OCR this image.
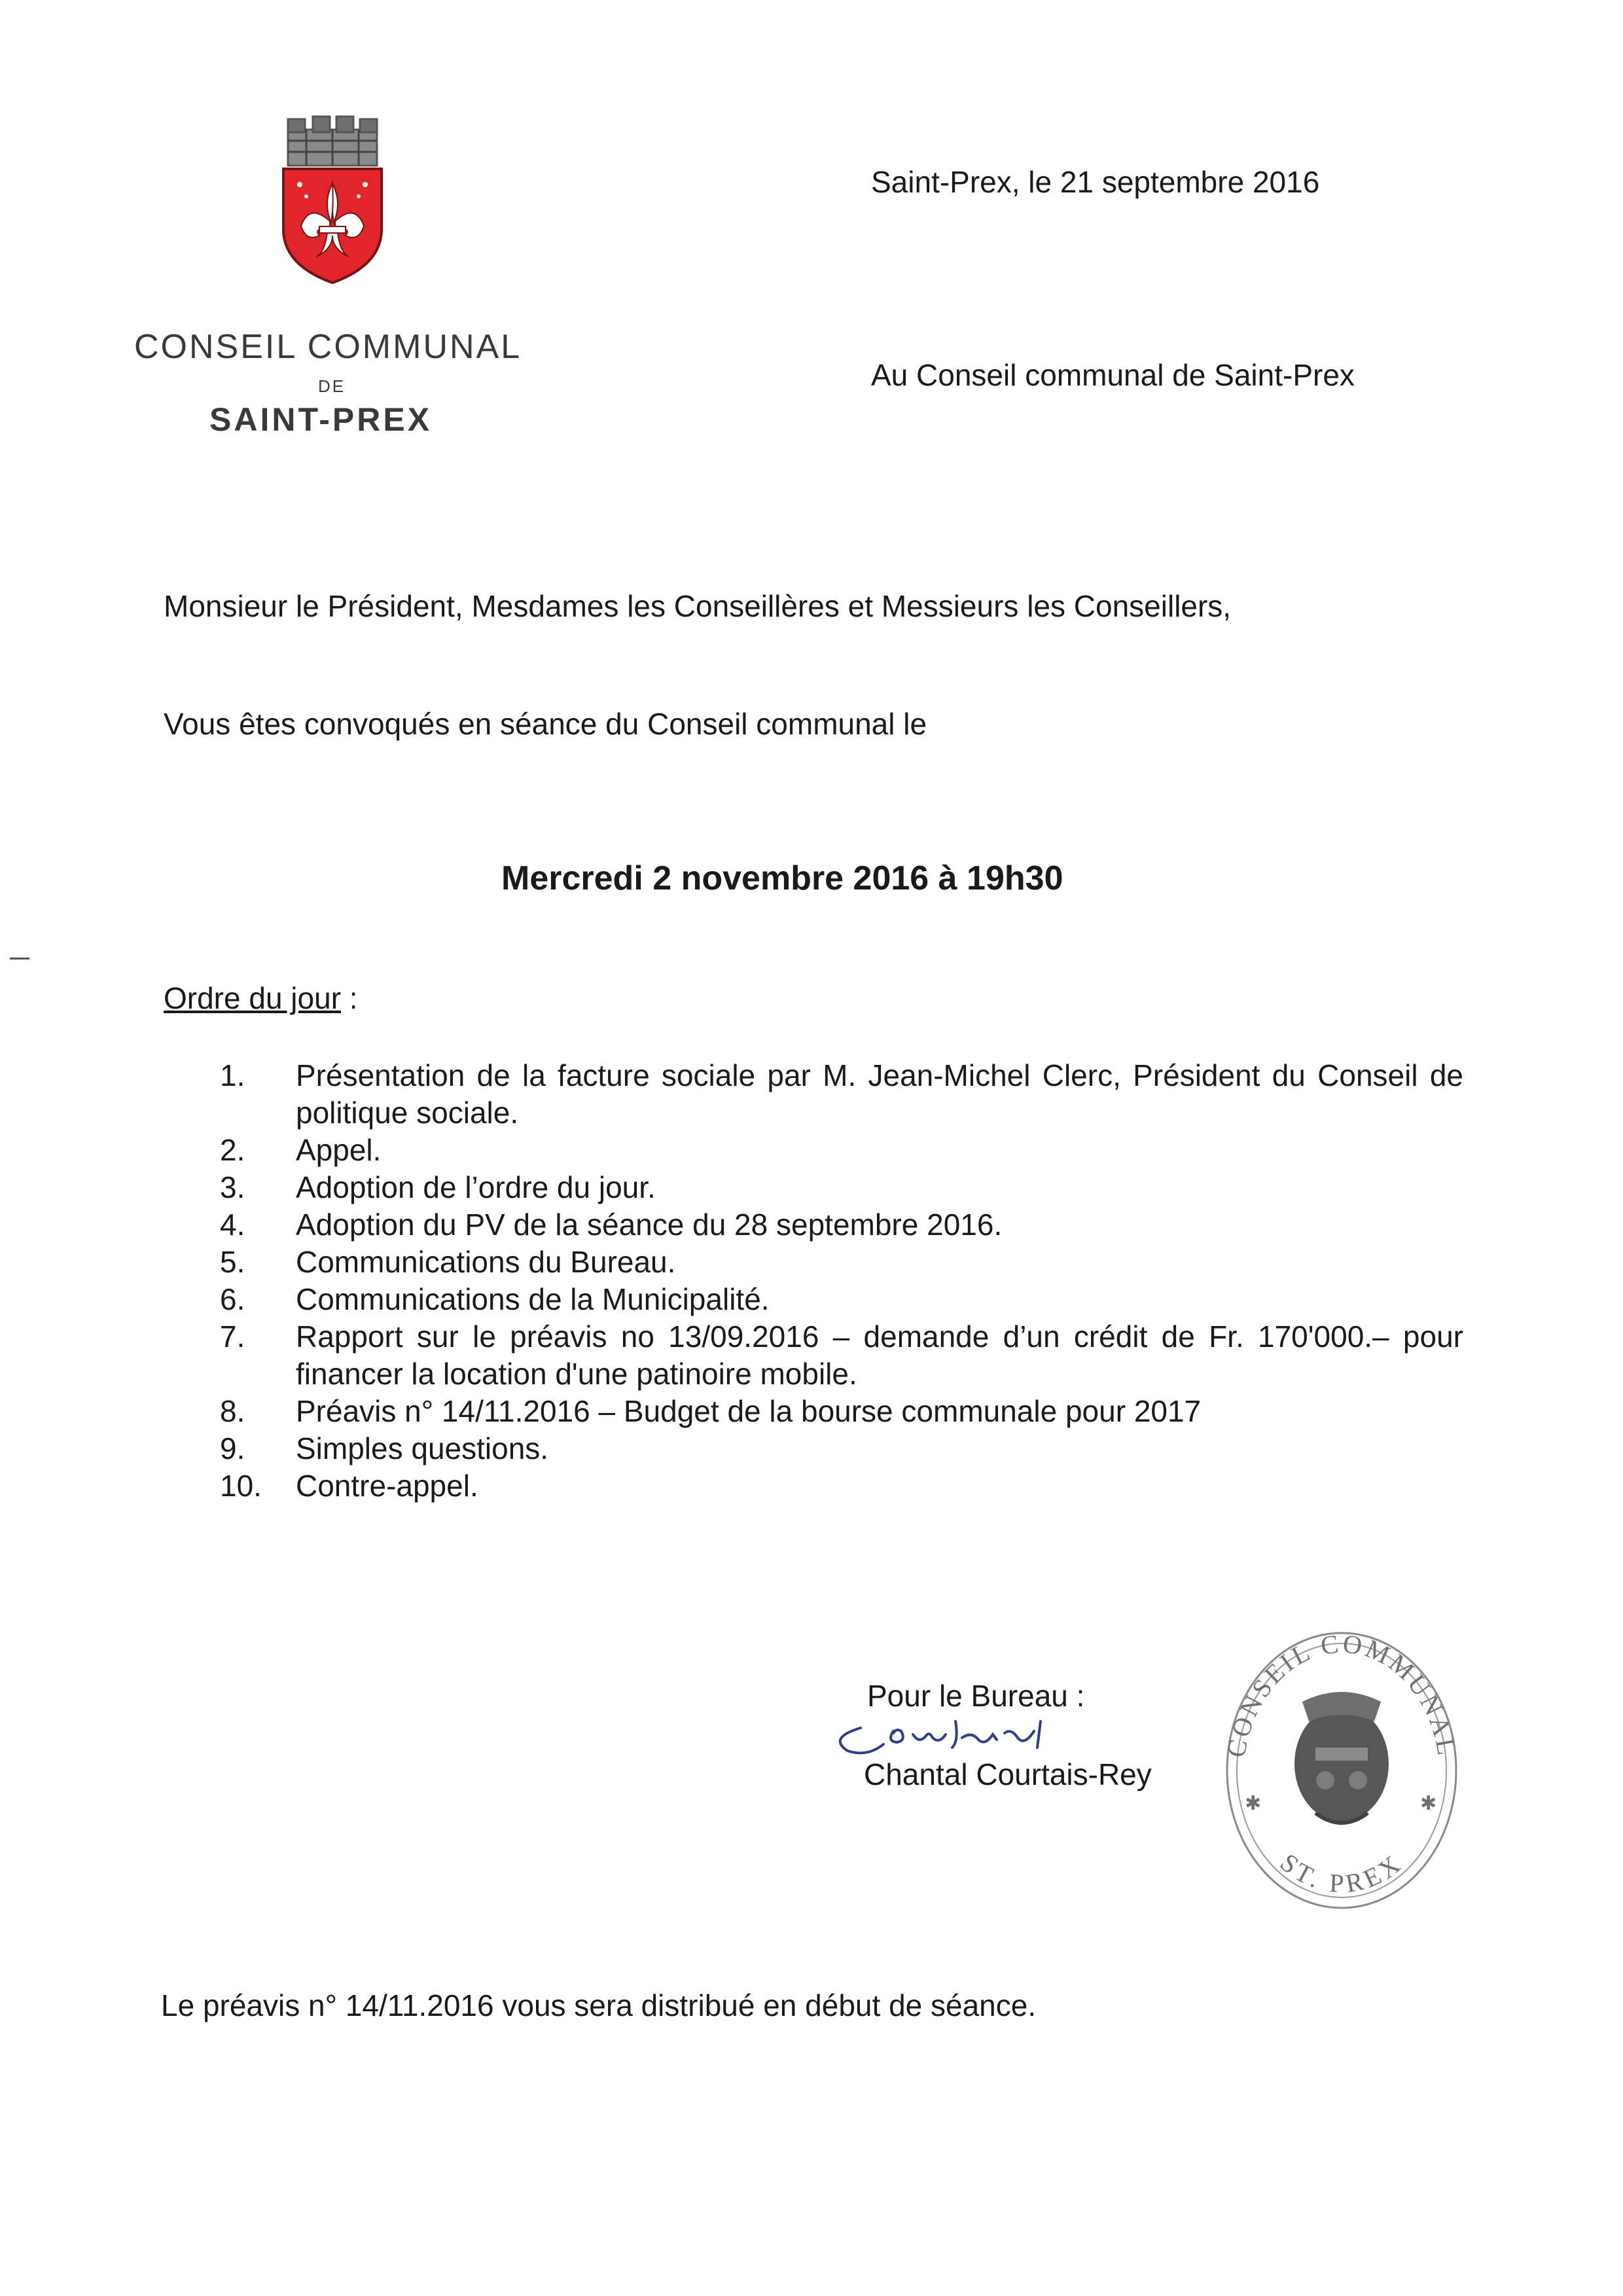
CONSEIL COMMUNAL
DE
SAINT-PREX
Saint-Prex, le 21 septembre 2016
Au Conseil communal de Saint-Prex
Monsieur le Président, Mesdames les Conseillères et Messieurs les Conseillers,
Vous êtes convoqués en séance du Conseil communal le
Mercredi 2 novembre 2016 à 19h30
Ordre du jour :
1. Présentation de la facture sociale par M. Jean-Michel Clerc, Président du Conseil de politique sociale.
2. Appel.
3. Adoption de l’ordre du jour.
4. Adoption du PV de la séance du 28 septembre 2016.
5. Communications du Bureau.
6. Communications de la Municipalité.
7. Rapport sur le préavis no 13/09.2016 – demande d’un crédit de Fr. 170'000.– pour financer la location d'une patinoire mobile.
8. Préavis n° 14/11.2016 – Budget de la bourse communale pour 2017
9. Simples questions.
10. Contre-appel.
Pour le Bureau :
Chantal Courtais-Rey
CONSEIL COMMUNAL
ST. PREX
✱	✱
Le préavis n° 14/11.2016 vous sera distribué en début de séance.
